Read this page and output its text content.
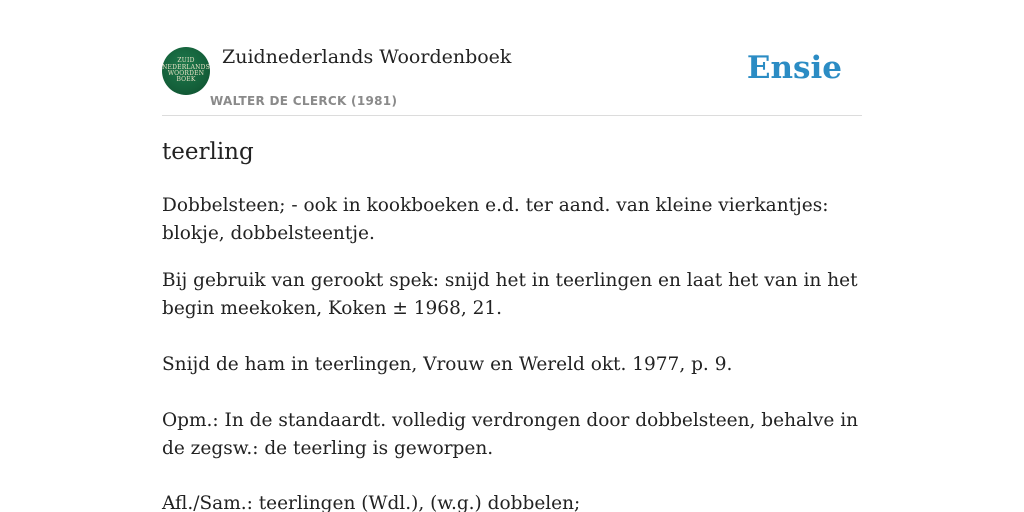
ZUID
NEDERLANDS
WOORDEN
BOEK
Zuidnederlands Woordenboek
WALTER DE CLERCK (1981)
Ensie
teerling

Dobbelsteen; - ook in kookboeken e.d. ter aand. van kleine vierkantjes: blokje, dobbelsteentje.

Bij gebruik van gerookt spek: snijd het in teerlingen en laat het van in het begin meekoken, Koken ± 1968, 21.

Snijd de ham in teerlingen, Vrouw en Wereld okt. 1977, p. 9.

Opm.: In de standaardt. volledig verdrongen door dobbelsteen, behalve in de zegsw.: de teerling is geworpen.

Afl./Sam.: teerlingen (Wdl.), (w.g.) dobbelen;
